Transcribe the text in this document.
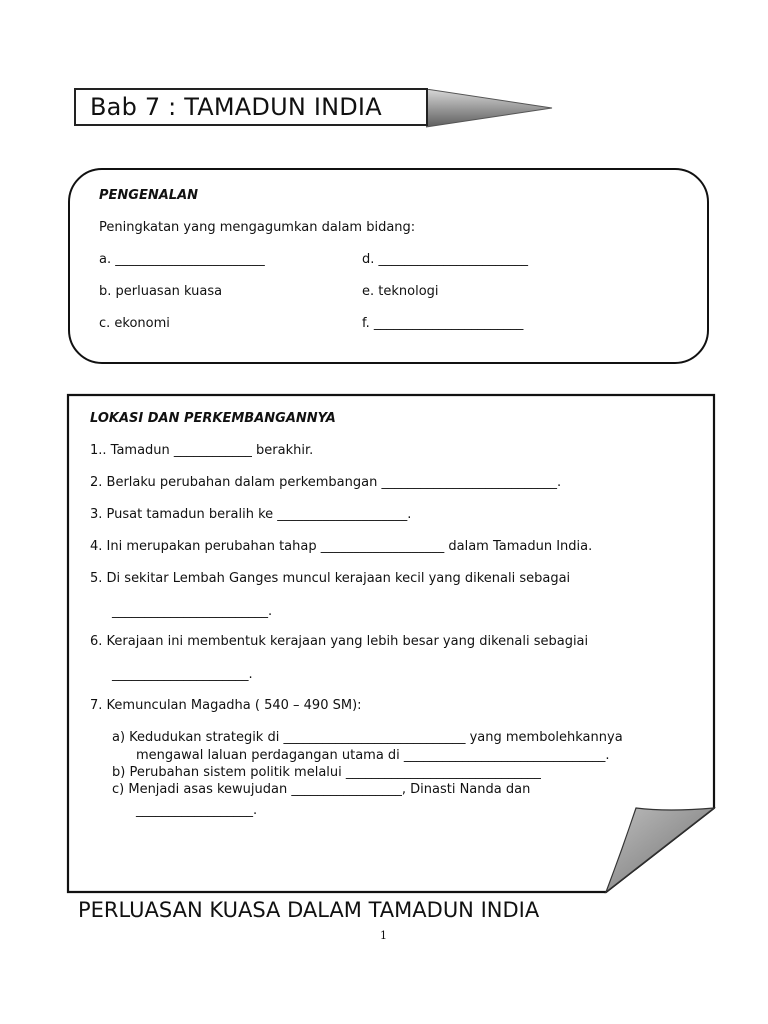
Bab 7 : TAMADUN INDIA
PENGENALAN
Peningkatan yang mengagumkan dalam bidang:
a. _______________________
b. perluasan kuasa
c. ekonomi
d. _______________________
e. teknologi
f. _______________________
LOKASI DAN PERKEMBANGANNYA
1.. Tamadun ____________ berakhir.
2. Berlaku perubahan dalam perkembangan ___________________________.
3. Pusat tamadun beralih ke ____________________.
4. Ini merupakan perubahan tahap ___________________ dalam Tamadun India.
5. Di sekitar Lembah Ganges muncul kerajaan kecil yang dikenali sebagai
________________________.
6. Kerajaan ini membentuk kerajaan yang lebih besar yang dikenali sebagiai
_____________________.
7. Kemunculan Magadha ( 540 – 490 SM):
a) Kedudukan strategik di ____________________________ yang membolehkannya
mengawal laluan perdagangan utama di _______________________________.
b) Perubahan sistem politik melalui ______________________________
c) Menjadi asas kewujudan _________________, Dinasti Nanda dan
__________________.
PERLUASAN KUASA DALAM TAMADUN INDIA
1
